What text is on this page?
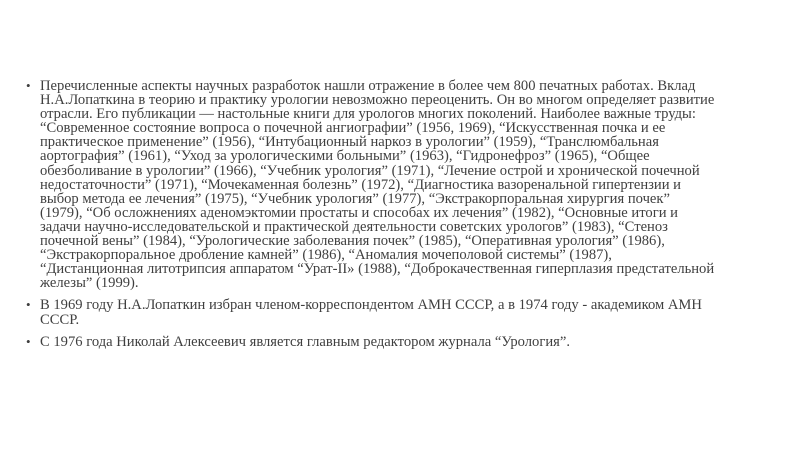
• Перечисленные аспекты научных разработок нашли отражение в более чем 800 печатных работах. Вклад Н.А.Лопаткина в теорию и практику урологии невозможно переоценить. Он во многом определяет развитие отрасли. Его публикации — настольные книги для урологов многих поколений. Наиболее важные труды: “Современное состояние вопроса о почечной ангиографии” (1956, 1969), “Искусственная почка и ее практическое применение” (1956), “Интубационный наркоз в урологии” (1959), “Транслюмбальная аортография” (1961), “Уход за урологическими больными” (1963), “Гидронефроз” (1965), “Общее обезболивание в урологии” (1966), “Учебник урология” (1971), “Лечение острой и хронической почечной недостаточности” (1971), “Мочекаменная болезнь” (1972), “Диагностика вазоренальной гипертензии и выбор метода ее лечения” (1975), “Учебник урология” (1977), “Экстракорпоральная хирургия почек” (1979), “Об осложнениях аденомэктомии простаты и способах их лечения” (1982), “Основные итоги и задачи научно-исследовательской и практической деятельности советских урологов” (1983), “Стеноз почечной вены” (1984), “Урологические заболевания почек” (1985), “Оперативная урология” (1986), “Экстракорпоральное дробление камней” (1986), “Аномалия мочеполовой системы” (1987), “Дистанционная литотрипсия аппаратом “Урат-II» (1988), “Доброкачественная гиперплазия предстательной железы” (1999).
• В 1969 году Н.А.Лопаткин избран членом-корреспондентом АМН СССР, а в 1974 году - академиком АМН СССР.
• С 1976 года Николай Алексеевич является главным редактором журнала “Урология”.
